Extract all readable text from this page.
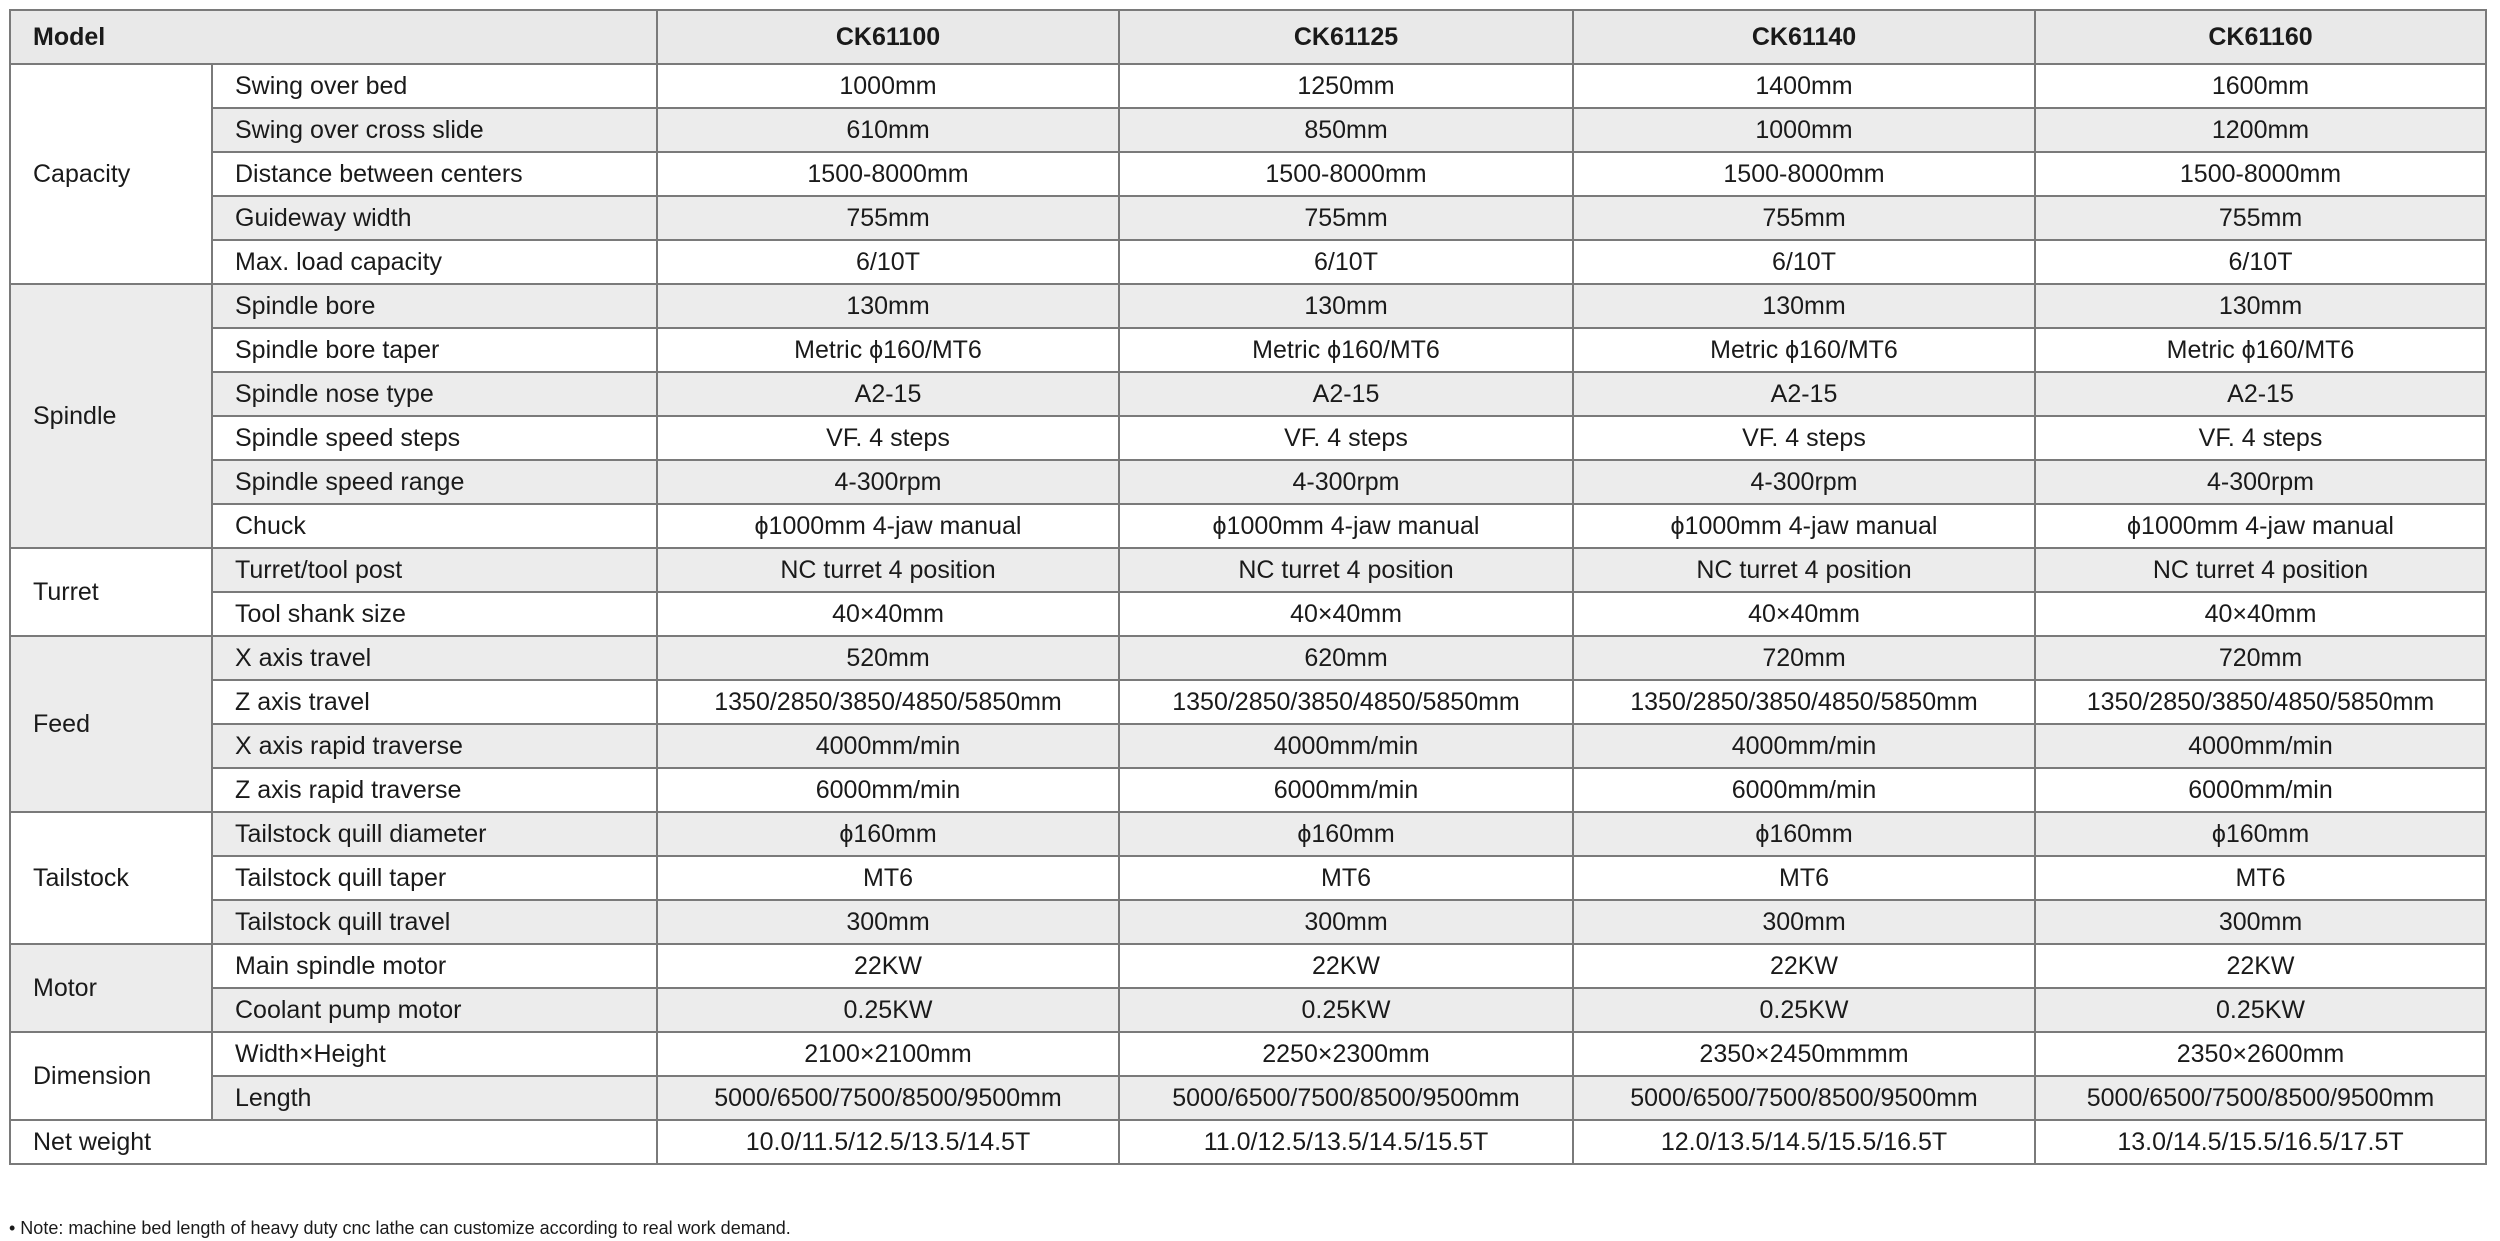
Model		CK61100	CK61125	CK61140	CK61160
Capacity	Swing over bed	1000mm	1250mm	1400mm	1600mm
	Swing over cross slide	610mm	850mm	1000mm	1200mm
	Distance between centers	1500-8000mm	1500-8000mm	1500-8000mm	1500-8000mm
	Guideway width	755mm	755mm	755mm	755mm
	Max. load capacity	6/10T	6/10T	6/10T	6/10T
Spindle	Spindle bore	130mm	130mm	130mm	130mm
	Spindle bore taper	Metric ϕ160/MT6	Metric ϕ160/MT6	Metric ϕ160/MT6	Metric ϕ160/MT6
	Spindle nose type	A2-15	A2-15	A2-15	A2-15
	Spindle speed steps	VF. 4 steps	VF. 4 steps	VF. 4 steps	VF. 4 steps
	Spindle speed range	4-300rpm	4-300rpm	4-300rpm	4-300rpm
	Chuck	ϕ1000mm 4-jaw manual	ϕ1000mm 4-jaw manual	ϕ1000mm 4-jaw manual	ϕ1000mm 4-jaw manual
Turret	Turret/tool post	NC turret 4 position	NC turret 4 position	NC turret 4 position	NC turret 4 position
	Tool shank size	40×40mm	40×40mm	40×40mm	40×40mm
Feed	X axis travel	520mm	620mm	720mm	720mm
	Z axis travel	1350/2850/3850/4850/5850mm	1350/2850/3850/4850/5850mm	1350/2850/3850/4850/5850mm	1350/2850/3850/4850/5850mm
	X axis rapid traverse	4000mm/min	4000mm/min	4000mm/min	4000mm/min
	Z axis rapid traverse	6000mm/min	6000mm/min	6000mm/min	6000mm/min
Tailstock	Tailstock quill diameter	ϕ160mm	ϕ160mm	ϕ160mm	ϕ160mm
	Tailstock quill taper	MT6	MT6	MT6	MT6
	Tailstock quill travel	300mm	300mm	300mm	300mm
Motor	Main spindle motor	22KW	22KW	22KW	22KW
	Coolant pump motor	0.25KW	0.25KW	0.25KW	0.25KW
Dimension	Width×Height	2100×2100mm	2250×2300mm	2350×2450mmmm	2350×2600mm
	Length	5000/6500/7500/8500/9500mm	5000/6500/7500/8500/9500mm	5000/6500/7500/8500/9500mm	5000/6500/7500/8500/9500mm
Net weight		10.0/11.5/12.5/13.5/14.5T	11.0/12.5/13.5/14.5/15.5T	12.0/13.5/14.5/15.5/16.5T	13.0/14.5/15.5/16.5/17.5T
• Note: machine bed length of heavy duty cnc lathe can customize according to real work demand.
